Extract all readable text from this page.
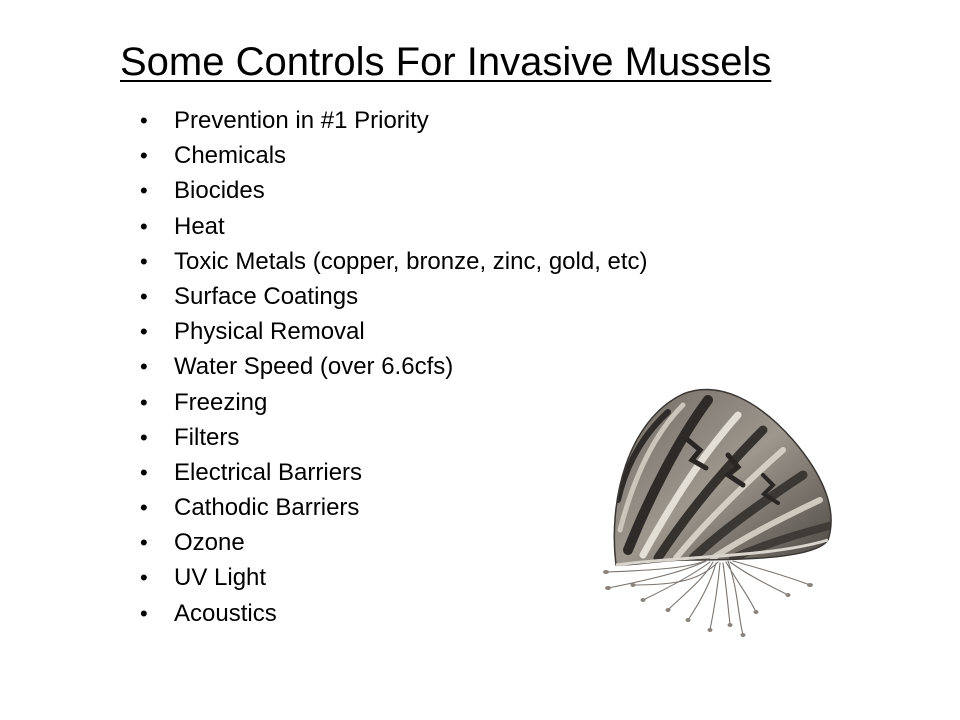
Some Controls For Invasive Mussels
• Prevention in #1 Priority
• Chemicals
• Biocides
• Heat
• Toxic Metals (copper, bronze, zinc, gold, etc)
• Surface Coatings
• Physical Removal
• Water Speed (over 6.6cfs)
• Freezing
• Filters
• Electrical Barriers
• Cathodic Barriers
• Ozone
• UV Light
• Acoustics
